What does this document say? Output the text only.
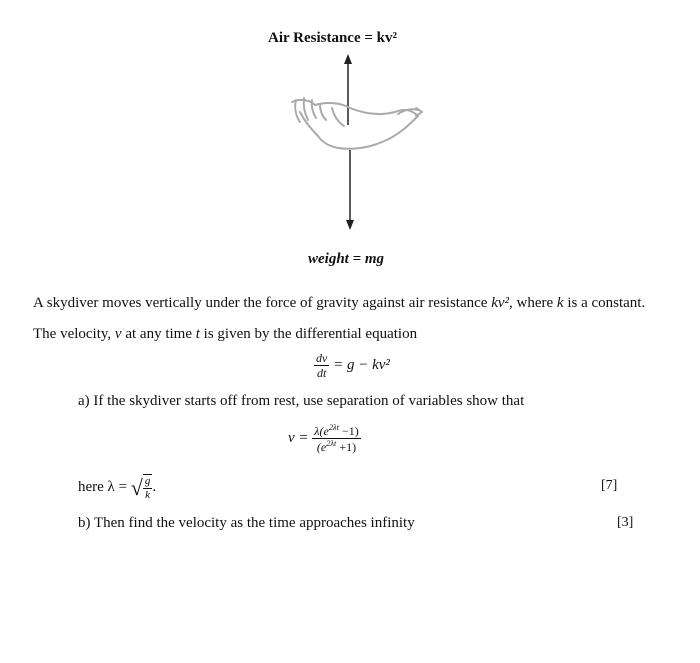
Air Resistance = kv²
weight = mg
A skydiver moves vertically under the force of gravity against air resistance kv², where k is a constant.
The velocity, v at any time t is given by the differential equation
$\frac{dv}{dt} = g - kv^2$
a) If the skydiver starts off from rest, use separation of variables show that
$v = \frac{\lambda(e^{2\lambda t} -1)}{(e^{2\lambda t} +1)}$
here λ = √ $\frac{g}{k}$ .	[7]
b) Then find the velocity as the time approaches infinity	[3]
